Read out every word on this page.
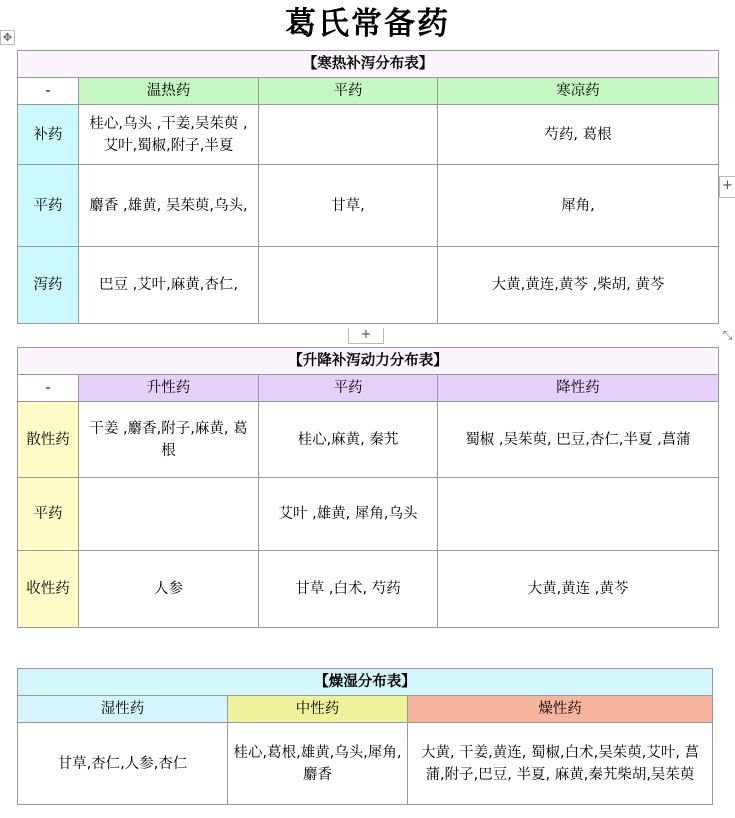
葛氏常备药
✥
【寒热补泻分布表】			
-	温热药	平药	寒凉药
补药	桂心,乌头 ,干姜,吴茱萸 ,艾叶,蜀椒,附子,半夏		芍药, 葛根
平药	麝香 ,雄黄, 吴茱萸,乌头,	甘草,	犀角,
泻药	巴豆 ,艾叶,麻黄,杏仁,		大黄,黄连,黄芩 ,柴胡, 黄芩
+
+	⤡
【升降补泻动力分布表】			
-	升性药	平药	降性药
散性药	干姜 ,麝香,附子,麻黄, 葛根	桂心,麻黄, 秦艽	蜀椒 ,吴茱萸, 巴豆,杏仁,半夏 ,菖蒲
平药		艾叶 ,雄黄, 犀角,乌头	
收性药	人参	甘草 ,白术, 芍药	大黄,黄连 ,黄芩
【燥湿分布表】		
湿性药	中性药	燥性药
甘草,杏仁,人参,杏仁	桂心,葛根,雄黄,乌头,犀角,麝香	大黄, 干姜,黄连, 蜀椒,白术,吴茱萸,艾叶, 菖蒲,附子,巴豆, 半夏, 麻黄,秦艽柴胡,吴茱萸
